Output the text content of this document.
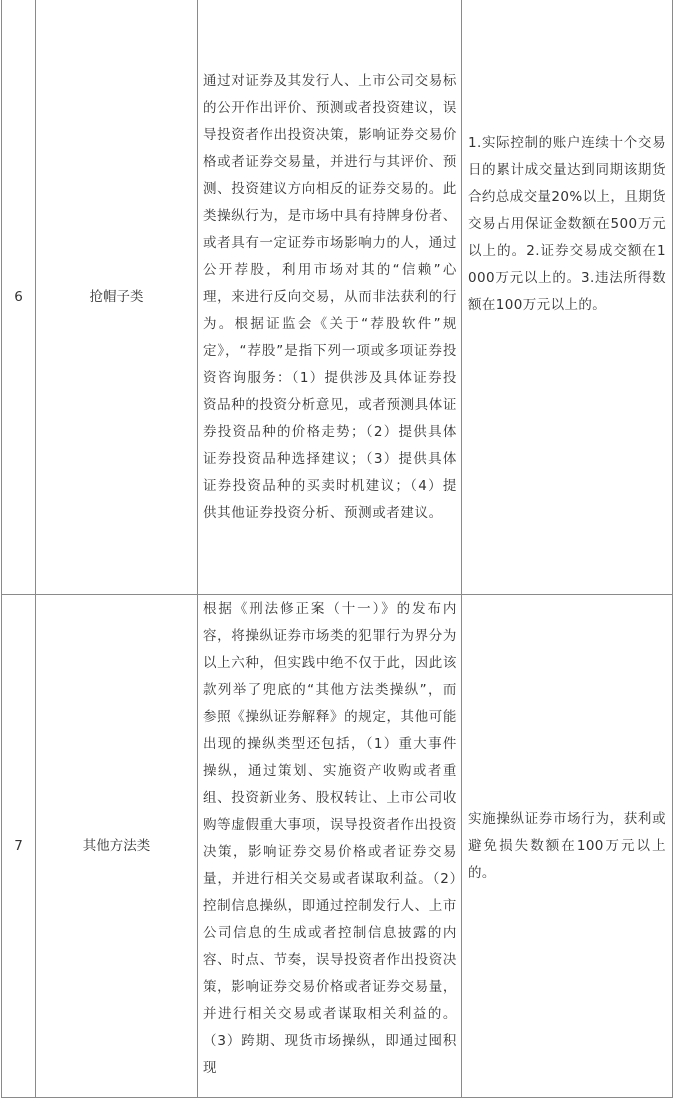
6	抢帽子类	通过对证券及其发行人、上市公司交易标的公开作出评价、预测或者投资建议，误导投资者作出投资决策，影响证券交易价格或者证券交易量，并进行与其评价、预测、投资建议方向相反的证券交易的。此类操纵行为，是市场中具有持牌身份者、或者具有一定证券市场影响力的人，通过公开荐股，利用市场对其的“信赖”心理，来进行反向交易，从而非法获利的行为。根据证监会《关于“荐股软件”规定》，“荐股”是指下列一项或多项证券投资咨询服务：（1）提供涉及具体证券投资品种的投资分析意见，或者预测具体证券投资品种的价格走势；（2）提供具体证券投资品种选择建议；（3）提供具体证券投资品种的买卖时机建议；（4）提供其他证券投资分析、预测或者建议。	1.实际控制的账户连续十个交易日的累计成交量达到同期该期货合约总成交量20%以上，且期货交易占用保证金数额在500万元以上的。2.证券交易成交额在1000万元以上的。3.违法所得数额在100万元以上的。
7	其他方法类	根据《刑法修正案（十一）》的发布内容，将操纵证券市场类的犯罪行为界分为以上六种，但实践中绝不仅于此，因此该款列举了兜底的“其他方法类操纵”，而参照《操纵证券解释》的规定，其他可能出现的操纵类型还包括，（1）重大事件操纵，通过策划、实施资产收购或者重组、投资新业务、股权转让、上市公司收购等虚假重大事项，误导投资者作出投资决策，影响证券交易价格或者证券交易量，并进行相关交易或者谋取利益。（2）控制信息操纵，即通过控制发行人、上市公司信息的生成或者控制信息披露的内容、时点、节奏，误导投资者作出投资决策，影响证券交易价格或者证券交易量，并进行相关交易或者谋取相关利益的。（3）跨期、现货市场操纵，即通过囤积现	实施操纵证券市场行为，获利或避免损失数额在100万元以上的。
